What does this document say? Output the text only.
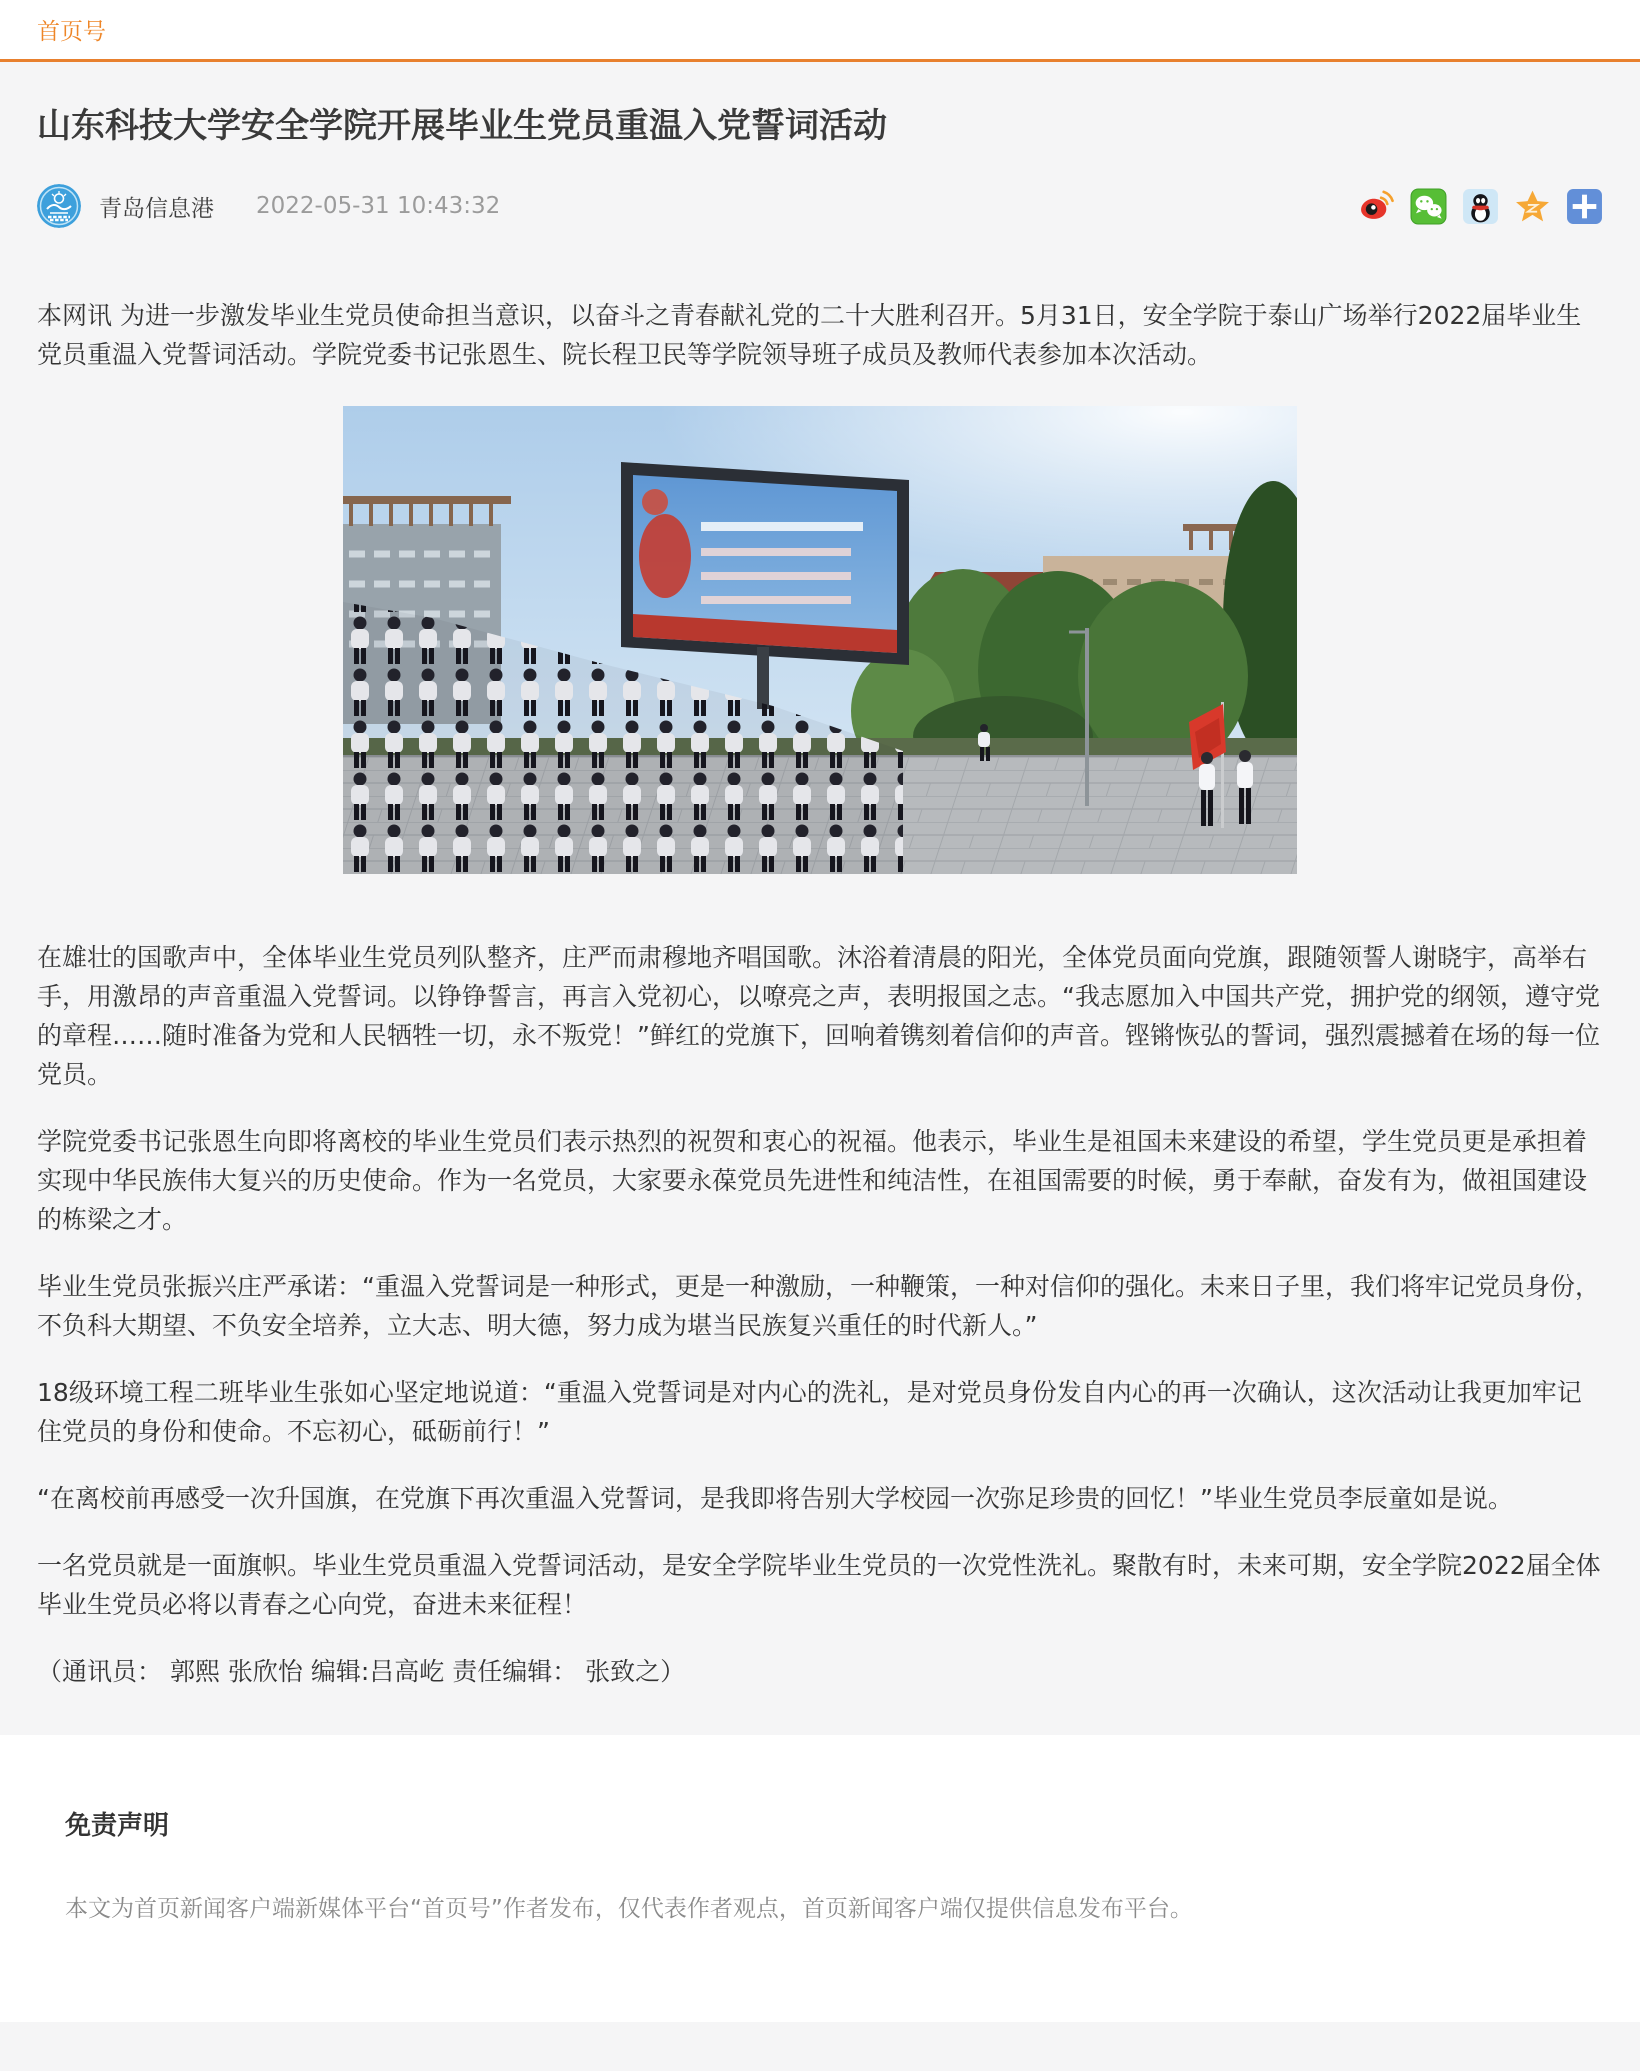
首页号
山东科技大学安全学院开展毕业生党员重温入党誓词活动
青岛信息港 2022-05-31 10:43:32

本网讯 为进一步激发毕业生党员使命担当意识，以奋斗之青春献礼党的二十大胜利召开。5月31日，安全学院于泰山广场举行2022届毕业生党员重温入党誓词活动。学院党委书记张恩生、院长程卫民等学院领导班子成员及教师代表参加本次活动。

在雄壮的国歌声中，全体毕业生党员列队整齐，庄严而肃穆地齐唱国歌。沐浴着清晨的阳光，全体党员面向党旗，跟随领誓人谢晓宇，高举右手，用激昂的声音重温入党誓词。以铮铮誓言，再言入党初心，以嘹亮之声，表明报国之志。“我志愿加入中国共产党，拥护党的纲领，遵守党的章程……随时准备为党和人民牺牲一切，永不叛党！”鲜红的党旗下，回响着镌刻着信仰的声音。铿锵恢弘的誓词，强烈震撼着在场的每一位党员。

学院党委书记张恩生向即将离校的毕业生党员们表示热烈的祝贺和衷心的祝福。他表示，毕业生是祖国未来建设的希望，学生党员更是承担着实现中华民族伟大复兴的历史使命。作为一名党员，大家要永葆党员先进性和纯洁性，在祖国需要的时候，勇于奉献，奋发有为，做祖国建设的栋梁之才。

毕业生党员张振兴庄严承诺：“重温入党誓词是一种形式，更是一种激励，一种鞭策，一种对信仰的强化。未来日子里，我们将牢记党员身份，不负科大期望、不负安全培养，立大志、明大德，努力成为堪当民族复兴重任的时代新人。”

18级环境工程二班毕业生张如心坚定地说道：“重温入党誓词是对内心的洗礼，是对党员身份发自内心的再一次确认，这次活动让我更加牢记住党员的身份和使命。不忘初心，砥砺前行！”

“在离校前再感受一次升国旗，在党旗下再次重温入党誓词，是我即将告别大学校园一次弥足珍贵的回忆！”毕业生党员李辰童如是说。

一名党员就是一面旗帜。毕业生党员重温入党誓词活动，是安全学院毕业生党员的一次党性洗礼。聚散有时，未来可期，安全学院2022届全体毕业生党员必将以青春之心向党，奋进未来征程！

（通讯员： 郭熙 张欣怡 编辑:吕高屹 责任编辑： 张致之）

免责声明

本文为首页新闻客户端新媒体平台“首页号”作者发布，仅代表作者观点，首页新闻客户端仅提供信息发布平台。
